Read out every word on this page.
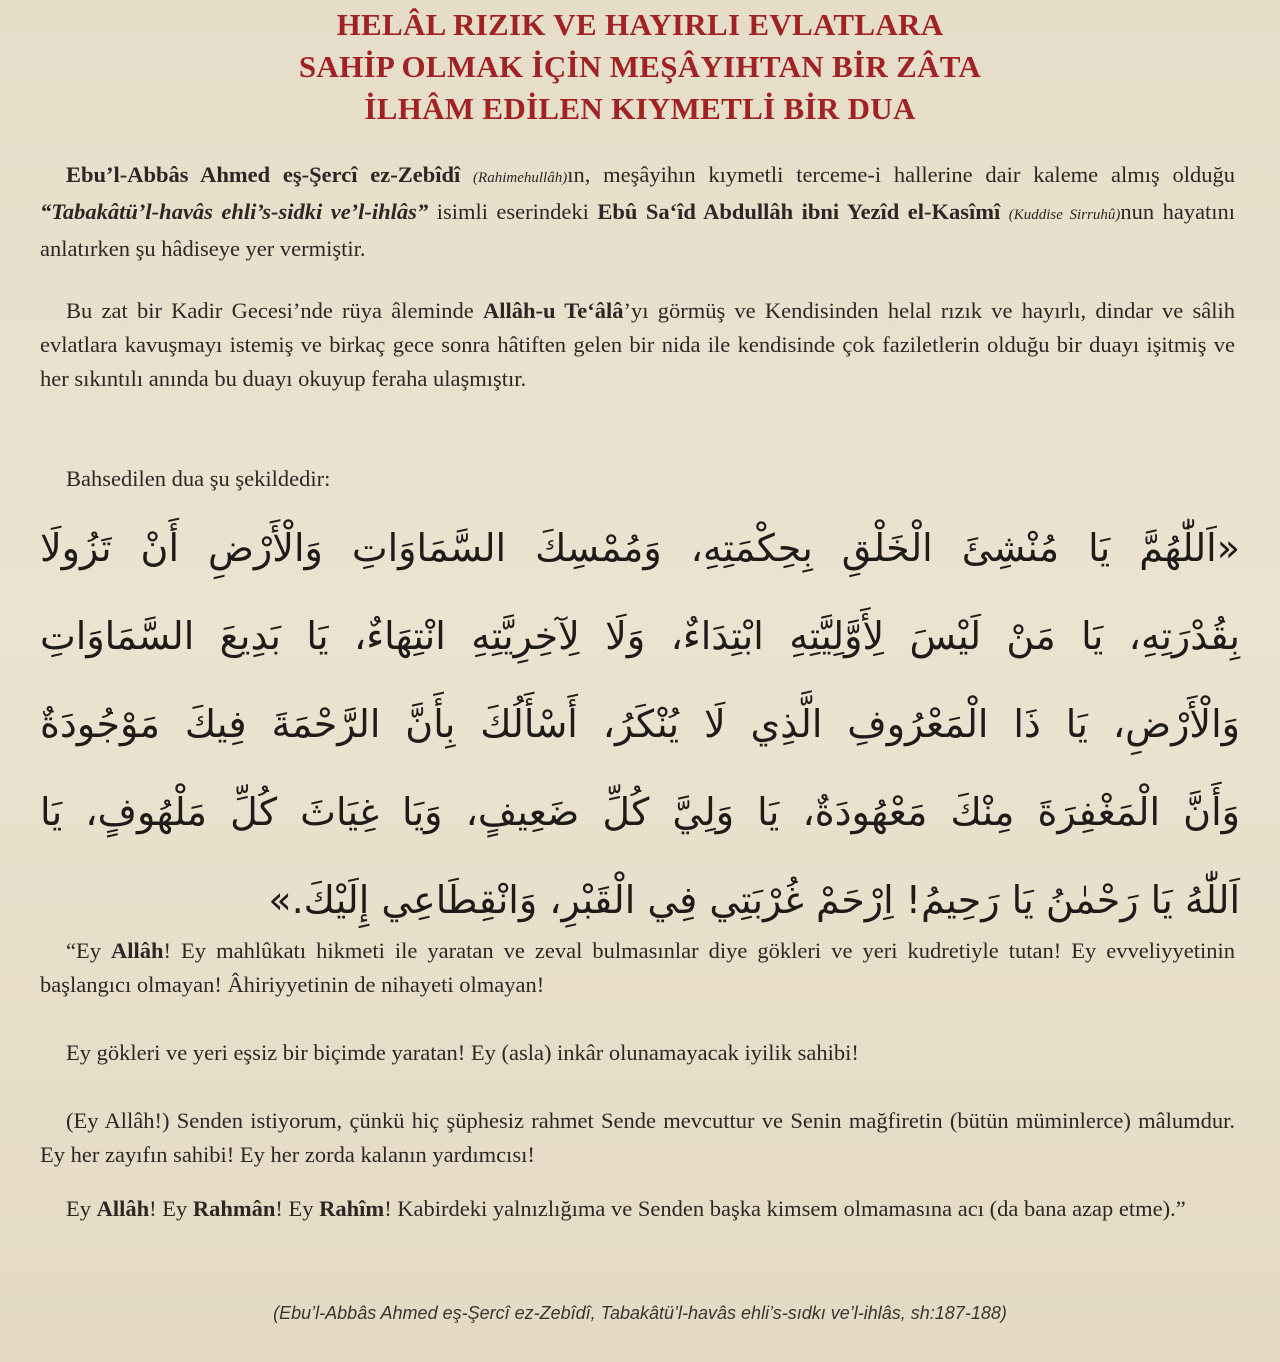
HELÂL RIZIK VE HAYIRLI EVLATLARA
SAHİP OLMAK İÇİN MEŞÂYIHTAN BİR ZÂTA
İLHÂM EDİLEN KIYMETLİ BİR DUA

Ebu’l-Abbâs Ahmed eş-Şercî ez-Zebîdî (Rahimehullâh)ın, meşâyihın kıymetli terceme-i hallerine dair kaleme almış olduğu “Tabakâtü’l-havâs ehli’s-sidki ve’l-ihlâs” isimli eserindeki Ebû Sa‘îd Abdullâh ibni Yezîd el-Kasîmî (Kuddise Sirruhû)nun hayatını anlatırken şu hâdiseye yer vermiştir.

Bu zat bir Kadir Gecesi’nde rüya âleminde Allâh-u Te‘âlâ’yı görmüş ve Kendisinden helal rızık ve hayırlı, dindar ve sâlih evlatlara kavuşmayı istemiş ve birkaç gece sonra hâtiften gelen bir nida ile kendisinde çok faziletlerin olduğu bir duayı işitmiş ve her sıkıntılı anında bu duayı okuyup feraha ulaşmıştır.

Bahsedilen dua şu şekildedir:

«اَللّٰهُمَّ يَا مُنْشِئَ الْخَلْقِ بِحِكْمَتِهِ، وَمُمْسِكَ السَّمَاوَاتِ وَالْأَرْضِ أَنْ تَزُولَا
بِقُدْرَتِهِ، يَا مَنْ لَيْسَ لِأَوَّلِيَّتِهِ ابْتِدَاءٌ، وَلَا لِآخِرِيَّتِهِ انْتِهَاءٌ، يَا بَدِيعَ السَّمَاوَاتِ
وَالْأَرْضِ، يَا ذَا الْمَعْرُوفِ الَّذِي لَا يُنْكَرُ، أَسْأَلُكَ بِأَنَّ الرَّحْمَةَ فِيكَ مَوْجُودَةٌ
وَأَنَّ الْمَغْفِرَةَ مِنْكَ مَعْهُودَةٌ، يَا وَلِيَّ كُلِّ ضَعِيفٍ، وَيَا غِيَاثَ كُلِّ مَلْهُوفٍ، يَا
اَللّٰهُ يَا رَحْمٰنُ يَا رَحِيمُ! اِرْحَمْ غُرْبَتِي فِي الْقَبْرِ، وَانْقِطَاعِي إِلَيْكَ.»

“Ey Allâh! Ey mahlûkatı hikmeti ile yaratan ve zeval bulmasınlar diye gökleri ve yeri kudretiyle tutan! Ey evveliyyetinin başlangıcı olmayan! Âhiriyyetinin de nihayeti olmayan!

Ey gökleri ve yeri eşsiz bir biçimde yaratan! Ey (asla) inkâr olunamayacak iyilik sahibi!

(Ey Allâh!) Senden istiyorum, çünkü hiç şüphesiz rahmet Sende mevcuttur ve Senin mağfiretin (bütün müminlerce) mâlumdur. Ey her zayıfın sahibi! Ey her zorda kalanın yardımcısı!

Ey Allâh! Ey Rahmân! Ey Rahîm! Kabirdeki yalnızlığıma ve Senden başka kimsem olmamasına acı (da bana azap etme).”

(Ebu’l-Abbâs Ahmed eş-Şercî ez-Zebîdî, Tabakâtü’l-havâs ehli’s-sıdkı ve’l-ihlâs, sh:187-188)
